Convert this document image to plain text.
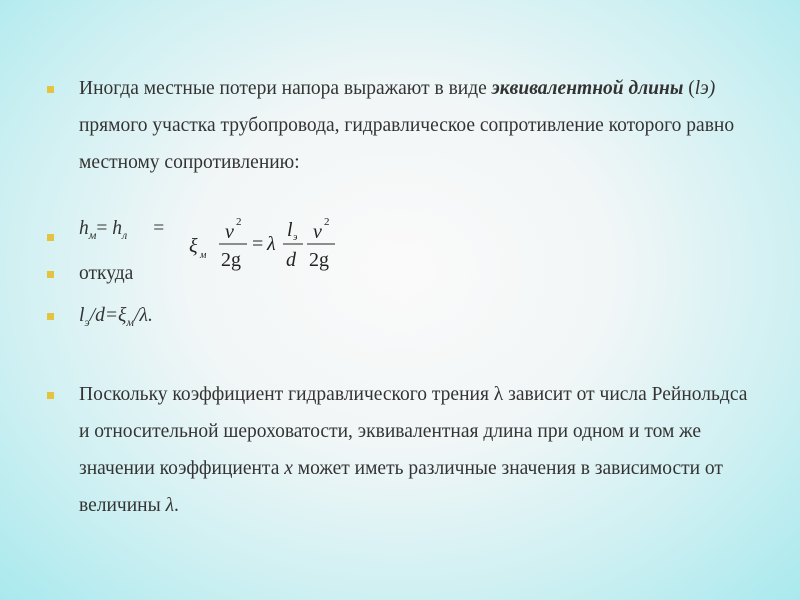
Иногда местные потери напора выражают в виде эквивалентной длины (lэ) прямого участка трубопровода, гидравлическое сопротивление которого равно местному сопротивлению:
$h_м= h_л$ =
ξ м
v 2
2g
= λ
l э
d
v 2
2g
откуда
$l_э/d=\xi_м/\lambda$.
Поскольку коэффициент гидравлического трения λ зависит от числа Рейнольдса и относительной шероховатости, эквивалентная длина при одном и том же значении коэффициента x может иметь различные значения в зависимости от величины λ.
